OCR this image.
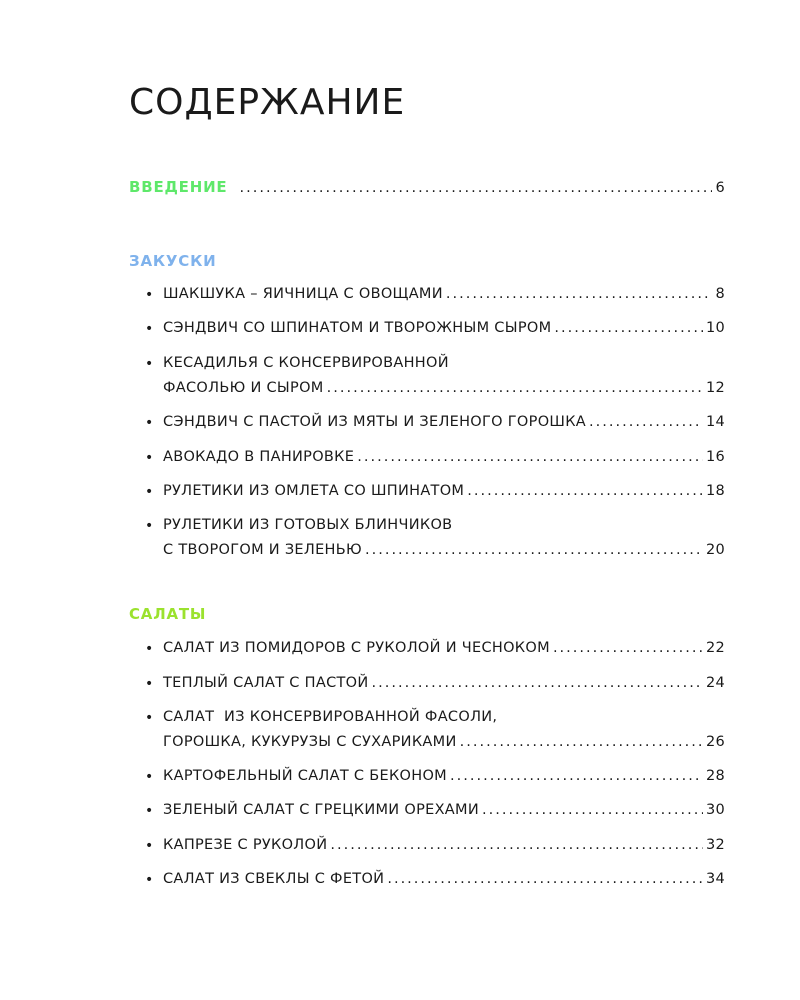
СОДЕРЖАНИЕ
ВВЕДЕНИЕ . . .	6
ЗАКУСКИ
• ШАКШУКА – ЯИЧНИЦА С ОВОЩАМИ . . .	8
• СЭНДВИЧ СО ШПИНАТОМ И ТВОРОЖНЫМ СЫРОМ . . .	10
• КЕСАДИЛЬЯ С КОНСЕРВИРОВАННОЙ
ФАСОЛЬЮ И СЫРОМ . . .	12
• СЭНДВИЧ С ПАСТОЙ ИЗ МЯТЫ И ЗЕЛЕНОГО ГОРОШКА . . .	14
• АВОКАДО В ПАНИРОВКЕ . . .	16
• РУЛЕТИКИ ИЗ ОМЛЕТА СО ШПИНАТОМ . . .	18
• РУЛЕТИКИ ИЗ ГОТОВЫХ БЛИНЧИКОВ
С ТВОРОГОМ И ЗЕЛЕНЬЮ . . .	20
САЛАТЫ
• САЛАТ ИЗ ПОМИДОРОВ С РУКОЛОЙ И ЧЕСНОКОМ . . .	22
• ТЕПЛЫЙ САЛАТ С ПАСТОЙ . . .	24
• САЛАТ  ИЗ КОНСЕРВИРОВАННОЙ ФАСОЛИ,
ГОРОШКА, КУКУРУЗЫ С СУХАРИКАМИ . . .	26
• КАРТОФЕЛЬНЫЙ САЛАТ С БЕКОНОМ . . .	28
• ЗЕЛЕНЫЙ САЛАТ С ГРЕЦКИМИ ОРЕХАМИ . . .	30
• КАПРЕЗЕ С РУКОЛОЙ . . .	32
• САЛАТ ИЗ СВЕКЛЫ С ФЕТОЙ . . .	34
